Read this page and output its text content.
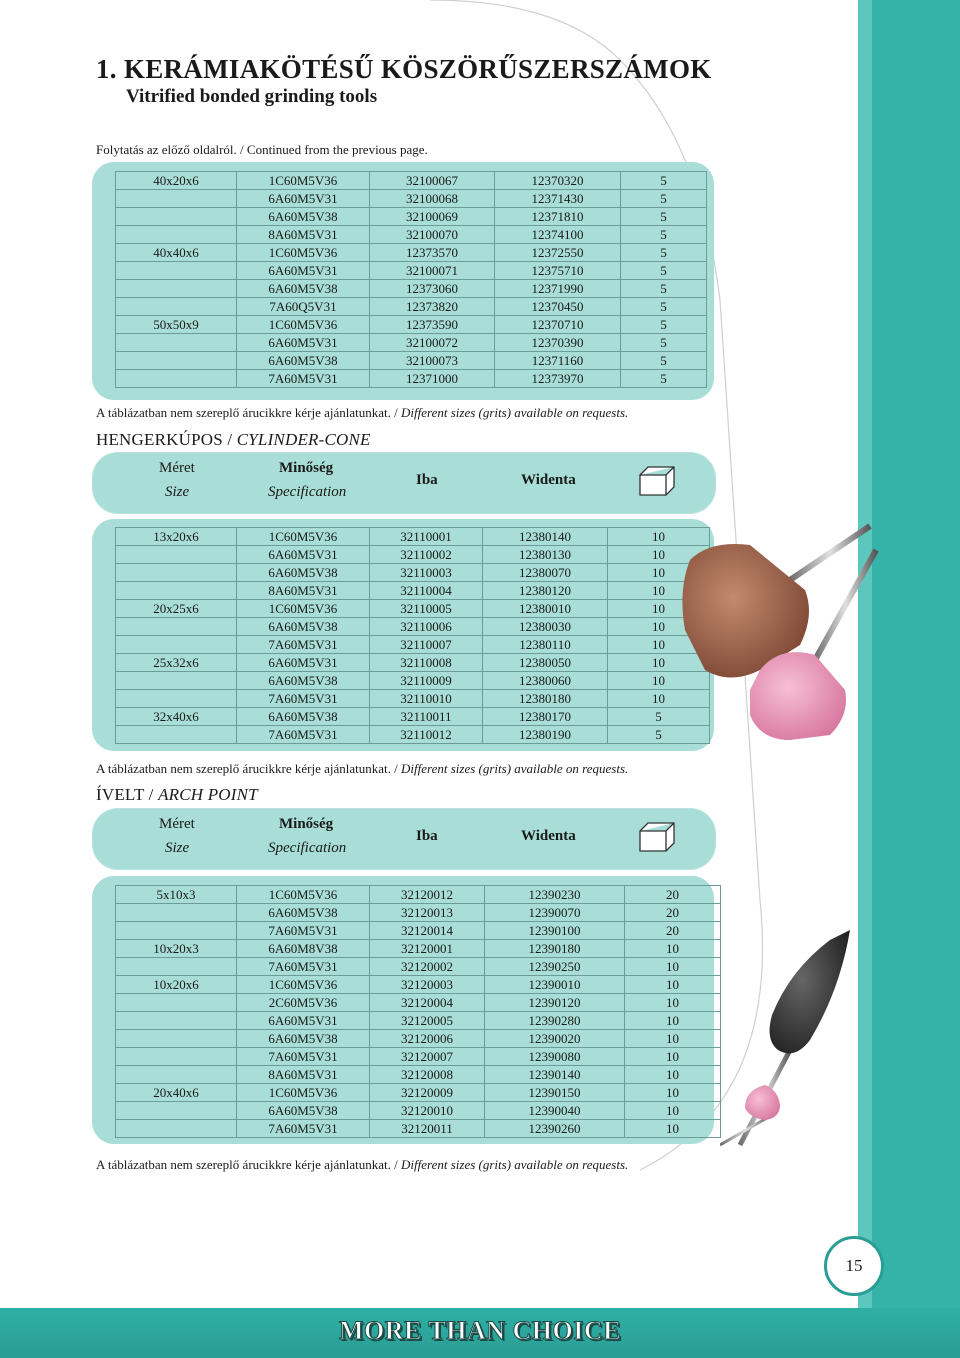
1. KERÁMIAKÖTÉSŰ KÖSZÖRŰSZERSZÁMOK
Vitrified bonded grinding tools
Folytatás az előző oldalról. / Continued from the previous page.
40x20x6	1C60M5V36	32100067	12370320	5
	6A60M5V31	32100068	12371430	5
	6A60M5V38	32100069	12371810	5
	8A60M5V31	32100070	12374100	5
40x40x6	1C60M5V36	12373570	12372550	5
	6A60M5V31	32100071	12375710	5
	6A60M5V38	12373060	12371990	5
	7A60Q5V31	12373820	12370450	5
50x50x9	1C60M5V36	12373590	12370710	5
	6A60M5V31	32100072	12370390	5
	6A60M5V38	32100073	12371160	5
	7A60M5V31	12371000	12373970	5
A táblázatban nem szereplő árucikkre kérje ajánlatunkat. / Different sizes (grits) available on requests.
HENGERKÚPOS / CYLINDER-CONE
Méret
Size
Minőség
Specification
Iba	Widenta
13x20x6	1C60M5V36	32110001	12380140	10
	6A60M5V31	32110002	12380130	10
	6A60M5V38	32110003	12380070	10
	8A60M5V31	32110004	12380120	10
20x25x6	1C60M5V36	32110005	12380010	10
	6A60M5V38	32110006	12380030	10
	7A60M5V31	32110007	12380110	10
25x32x6	6A60M5V31	32110008	12380050	10
	6A60M5V38	32110009	12380060	10
	7A60M5V31	32110010	12380180	10
32x40x6	6A60M5V38	32110011	12380170	5
	7A60M5V31	32110012	12380190	5
A táblázatban nem szereplő árucikkre kérje ajánlatunkat. / Different sizes (grits) available on requests.
ÍVELT / ARCH POINT
Méret
Size
Minőség
Specification
Iba	Widenta
5x10x3	1C60M5V36	32120012	12390230	20
	6A60M5V38	32120013	12390070	20
	7A60M5V31	32120014	12390100	20
10x20x3	6A60M8V38	32120001	12390180	10
	7A60M5V31	32120002	12390250	10
10x20x6	1C60M5V36	32120003	12390010	10
	2C60M5V36	32120004	12390120	10
	6A60M5V31	32120005	12390280	10
	6A60M5V38	32120006	12390020	10
	7A60M5V31	32120007	12390080	10
	8A60M5V31	32120008	12390140	10
20x40x6	1C60M5V36	32120009	12390150	10
	6A60M5V38	32120010	12390040	10
	7A60M5V31	32120011	12390260	10
A táblázatban nem szereplő árucikkre kérje ajánlatunkat. / Different sizes (grits) available on requests.
15
MORE THAN CHOICE
